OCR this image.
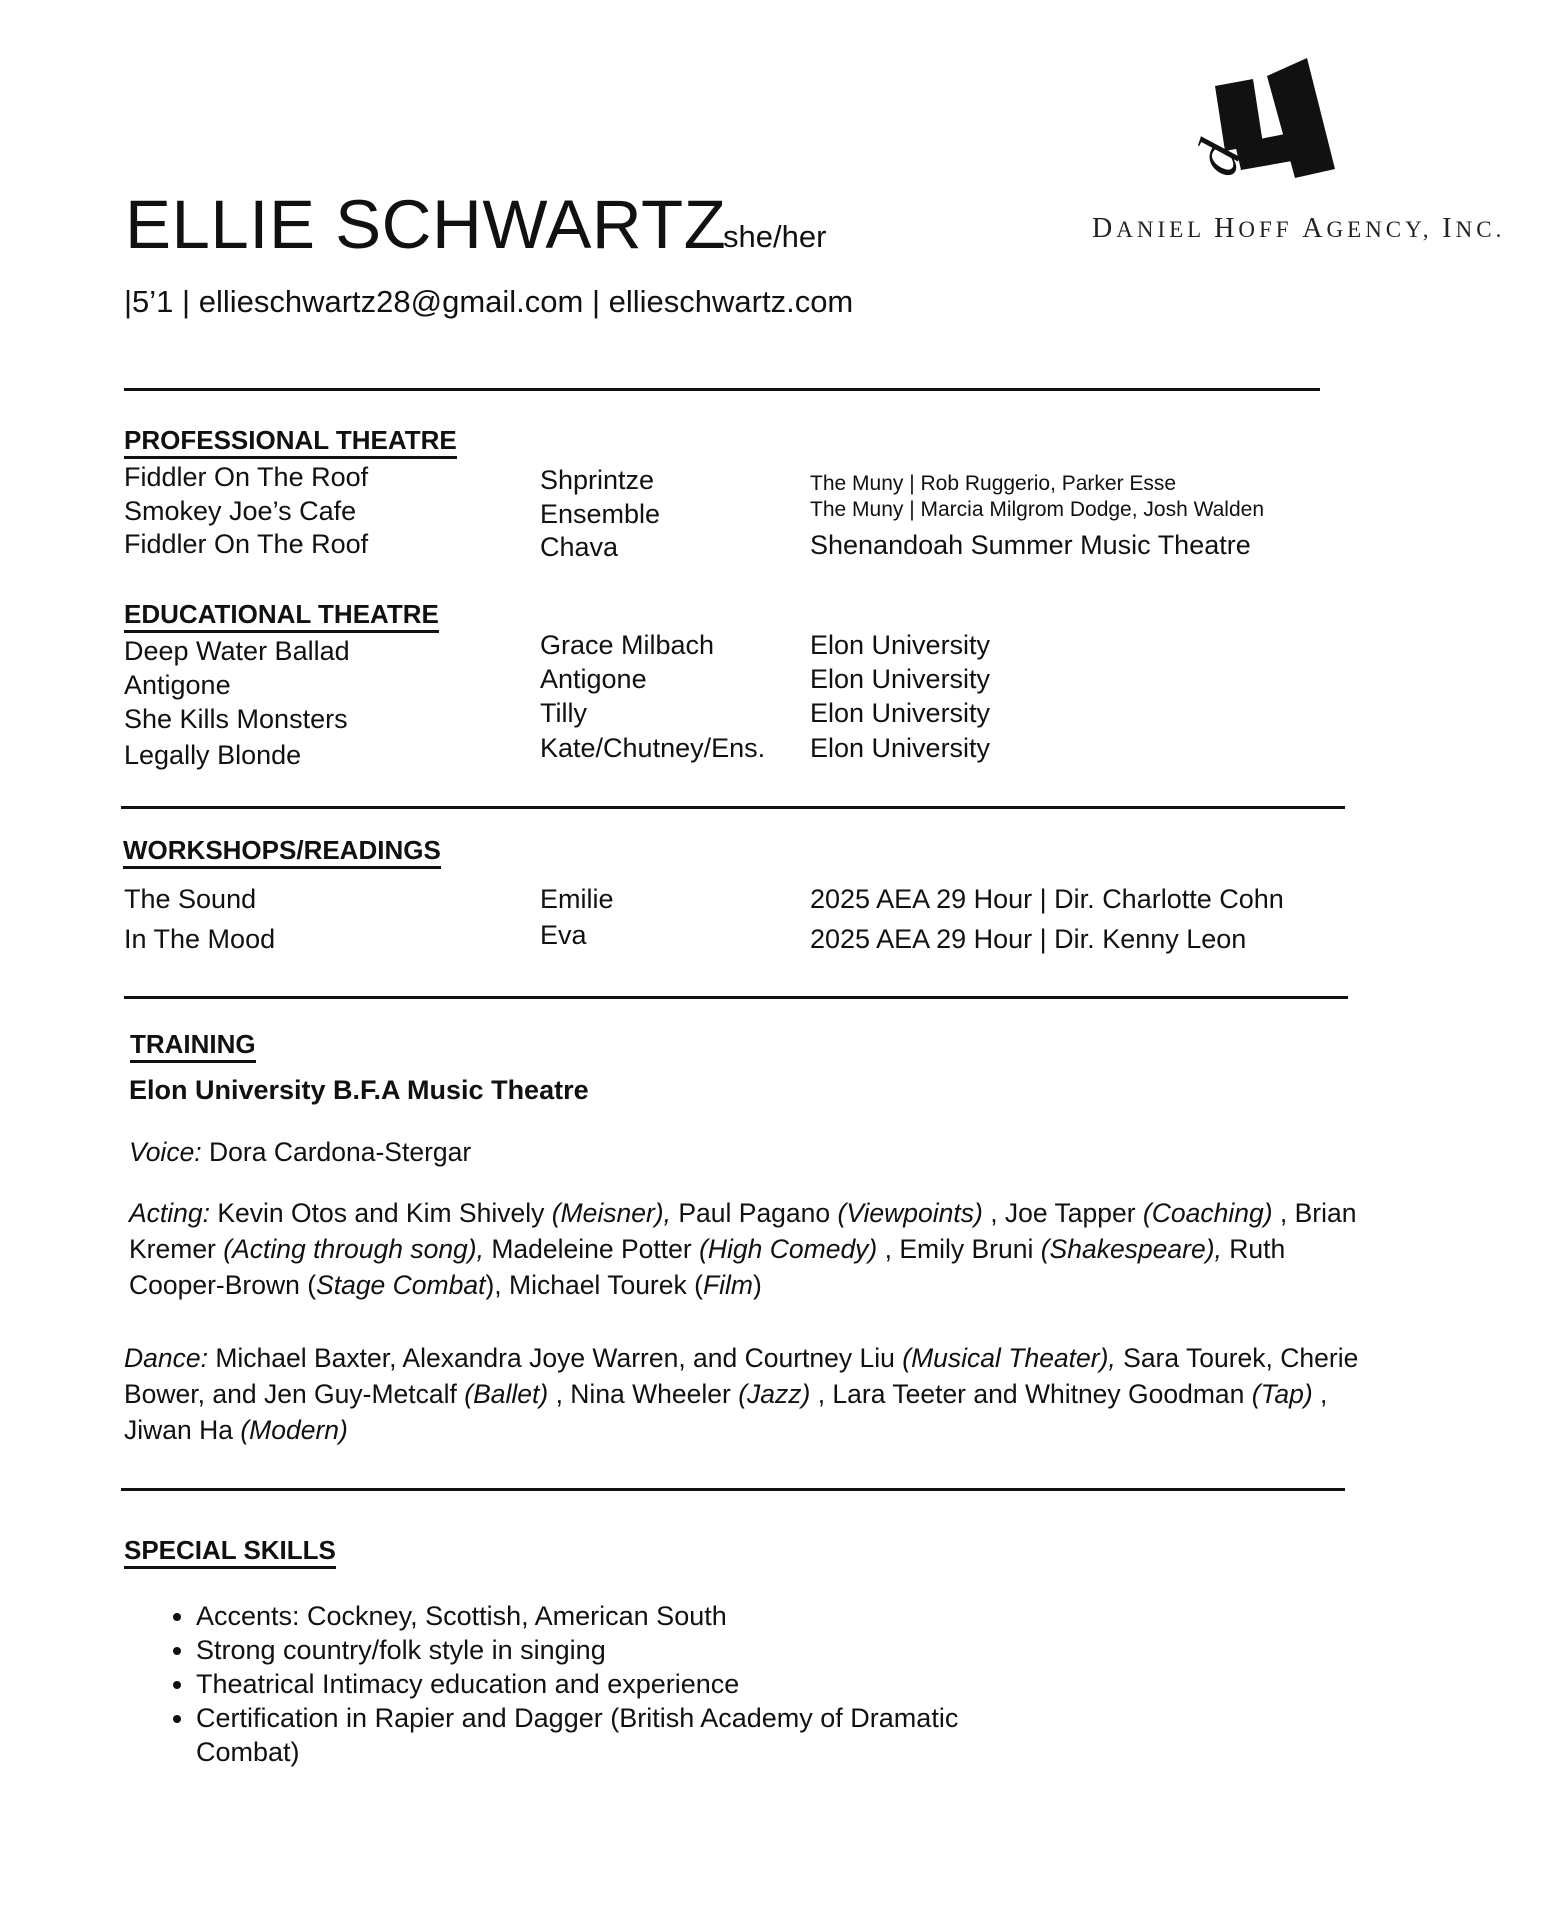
d.
DANIEL HOFF AGENCY, INC.
ELLIE SCHWARTZ
she/her
|5’1 | ellieschwartz28@gmail.com | ellieschwartz.com
PROFESSIONAL THEATRE
Fiddler On The Roof	Shprintze	The Muny | Rob Ruggerio, Parker Esse
Smokey Joe’s Cafe	Ensemble	The Muny | Marcia Milgrom Dodge, Josh Walden
Fiddler On The Roof	Chava	Shenandoah Summer Music Theatre
EDUCATIONAL THEATRE
Deep Water Ballad	Grace Milbach	Elon University
Antigone	Antigone	Elon University
She Kills Monsters	Tilly	Elon University
Legally Blonde	Kate/Chutney/Ens. Elon University
WORKSHOPS/READINGS
The Sound	Emilie	2025 AEA 29 Hour | Dir. Charlotte Cohn
In The Mood	Eva	2025 AEA 29 Hour | Dir. Kenny Leon
TRAINING
Elon University B.F.A Music Theatre
Voice: Dora Cardona-Stergar
Acting: Kevin Otos and Kim Shively (Meisner), Paul Pagano (Viewpoints) , Joe Tapper (Coaching) , Brian Kremer (Acting through song), Madeleine Potter (High Comedy) , Emily Bruni (Shakespeare), Ruth Cooper-Brown (Stage Combat), Michael Tourek (Film)
Dance: Michael Baxter, Alexandra Joye Warren, and Courtney Liu (Musical Theater), Sara Tourek, Cherie Bower, and Jen Guy-Metcalf (Ballet) , Nina Wheeler (Jazz) , Lara Teeter and Whitney Goodman (Tap) , Jiwan Ha (Modern)
SPECIAL SKILLS
• Accents: Cockney, Scottish, American South
• Strong country/folk style in singing
• Theatrical Intimacy education and experience
• Certification in Rapier and Dagger (British Academy of Dramatic Combat)
